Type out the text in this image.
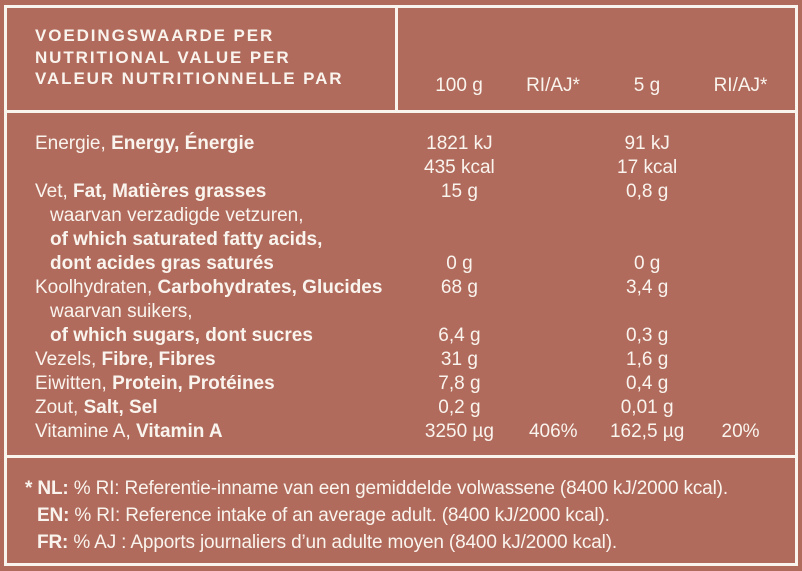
VOEDINGSWAARDE PER
NUTRITIONAL VALUE PER
VALEUR NUTRITIONNELLE PAR	100 g	RI/AJ*	5 g	RI/AJ*
Energie, Energy, Énergie	1821 kJ	91 kJ
435 kcal	17 kcal
Vet, Fat, Matières grasses	15 g	0,8 g
waarvan verzadigde vetzuren,
of which saturated fatty acids,
dont acides gras saturés	0 g	0 g
Koolhydraten, Carbohydrates, Glucides	68 g	3,4 g
waarvan suikers,
of which sugars, dont sucres	6,4 g	0,3 g
Vezels, Fibre, Fibres	31 g	1,6 g
Eiwitten, Protein, Protéines	7,8 g	0,4 g
Zout, Salt, Sel	0,2 g	0,01 g
Vitamine A, Vitamin A	3250 µg	406%	162,5 µg	20%

* NL: % RI: Referentie-inname van een gemiddelde volwassene (8400 kJ/2000 kcal). EN: % RI: Reference intake of an average adult. (8400 kJ/2000 kcal).
FR: % AJ : Apports journaliers d’un adulte moyen (8400 kJ/2000 kcal).
